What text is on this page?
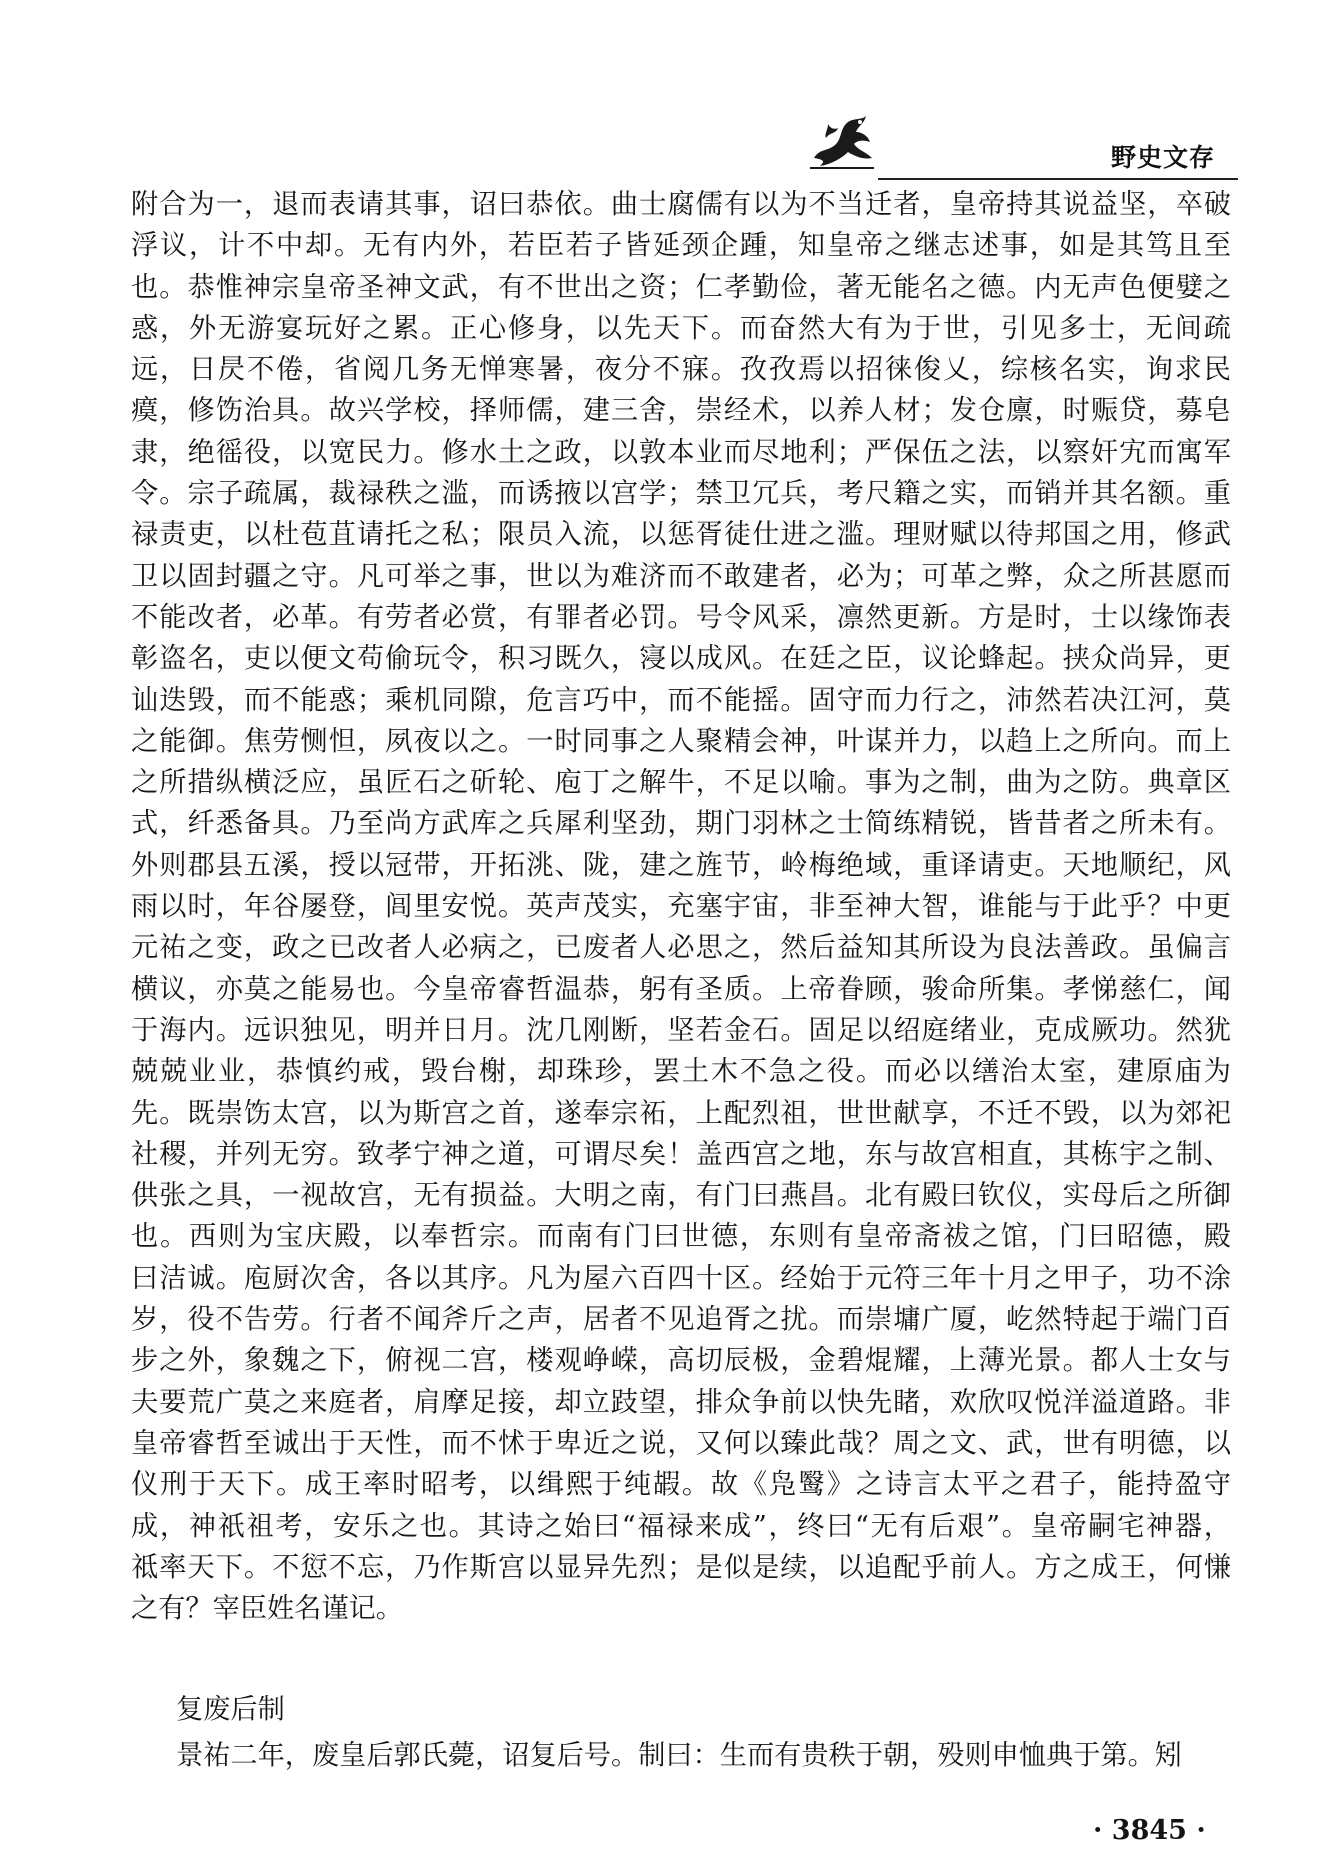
野史文存
附合为一，退而表请其事，诏曰恭依。曲士腐儒有以为不当迁者，皇帝持其说益坚，卒破
浮议，计不中却。无有内外，若臣若子皆延颈企踵，知皇帝之继志述事，如是其笃且至
也。恭惟神宗皇帝圣神文武，有不世出之资；仁孝勤俭，著无能名之德。内无声色便嬖之
惑，外无游宴玩好之累。正心修身，以先天下。而奋然大有为于世，引见多士，无间疏
远，日昃不倦，省阅几务无惮寒暑，夜分不寐。孜孜焉以招徕俊乂，综核名实，询求民
瘼，修饬治具。故兴学校，择师儒，建三舍，崇经术，以养人材；发仓廪，时赈贷，募皂
隶，绝徭役，以宽民力。修水土之政，以敦本业而尽地利；严保伍之法，以察奸宄而寓军
令。宗子疏属，裁禄秩之滥，而诱掖以宫学；禁卫冗兵，考尺籍之实，而销并其名额。重
禄责吏，以杜苞苴请托之私；限员入流，以惩胥徒仕进之滥。理财赋以待邦国之用，修武
卫以固封疆之守。凡可举之事，世以为难济而不敢建者，必为；可革之弊，众之所甚愿而
不能改者，必革。有劳者必赏，有罪者必罚。号令风采，凛然更新。方是时，士以缘饰表
彰盗名，吏以便文苟偷玩令，积习既久，寖以成风。在廷之臣，议论蜂起。挟众尚异，更
讪迭毁，而不能惑；乘机同隙，危言巧中，而不能摇。固守而力行之，沛然若决江河，莫
之能御。焦劳恻怛，夙夜以之。一时同事之人聚精会神，叶谋并力，以趋上之所向。而上
之所措纵横泛应，虽匠石之斫轮、庖丁之解牛，不足以喻。事为之制，曲为之防。典章区
式，纤悉备具。乃至尚方武库之兵犀利坚劲，期门羽林之士简练精锐，皆昔者之所未有。
外则郡县五溪，授以冠带，开拓洮、陇，建之旌节，岭梅绝域，重译请吏。天地顺纪，风
雨以时，年谷屡登，闾里安悦。英声茂实，充塞宇宙，非至神大智，谁能与于此乎？中更
元祐之变，政之已改者人必病之，已废者人必思之，然后益知其所设为良法善政。虽偏言
横议，亦莫之能易也。今皇帝睿哲温恭，躬有圣质。上帝眷顾，骏命所集。孝悌慈仁，闻
于海内。远识独见，明并日月。沈几刚断，坚若金石。固足以绍庭绪业，克成厥功。然犹
兢兢业业，恭慎约戒，毁台榭，却珠珍，罢土木不急之役。而必以缮治太室，建原庙为
先。既崇饬太宫，以为斯宫之首，遂奉宗祏，上配烈祖，世世献享，不迁不毁，以为郊祀
社稷，并列无穷。致孝宁神之道，可谓尽矣！盖西宫之地，东与故宫相直，其栋宇之制、
供张之具，一视故宫，无有损益。大明之南，有门曰燕昌。北有殿曰钦仪，实母后之所御
也。西则为宝庆殿，以奉哲宗。而南有门曰世德，东则有皇帝斋祓之馆，门曰昭德，殿
曰洁诚。庖厨次舍，各以其序。凡为屋六百四十区。经始于元符三年十月之甲子，功不涂
岁，役不告劳。行者不闻斧斤之声，居者不见追胥之扰。而崇墉广厦，屹然特起于端门百
步之外，象魏之下，俯视二宫，楼观峥嵘，高切辰极，金碧焜耀，上薄光景。都人士女与
夫要荒广莫之来庭者，肩摩足接，却立跂望，排众争前以快先睹，欢欣叹悦洋溢道路。非
皇帝睿哲至诚出于天性，而不怵于卑近之说，又何以臻此哉？周之文、武，世有明德，以
仪刑于天下。成王率时昭考，以缉熙于纯嘏。故《凫鹥》之诗言太平之君子，能持盈守
成，神祇祖考，安乐之也。其诗之始曰“福禄来成”，终曰“无有后艰”。皇帝嗣宅神器，
祗率天下。不愆不忘，乃作斯宫以显异先烈；是似是续，以追配乎前人。方之成王，何慊
之有？宰臣姓名谨记。
复废后制
景祐二年，废皇后郭氏薨，诏复后号。制曰：生而有贵秩于朝，殁则申恤典于第。矧
· 3845 ·
